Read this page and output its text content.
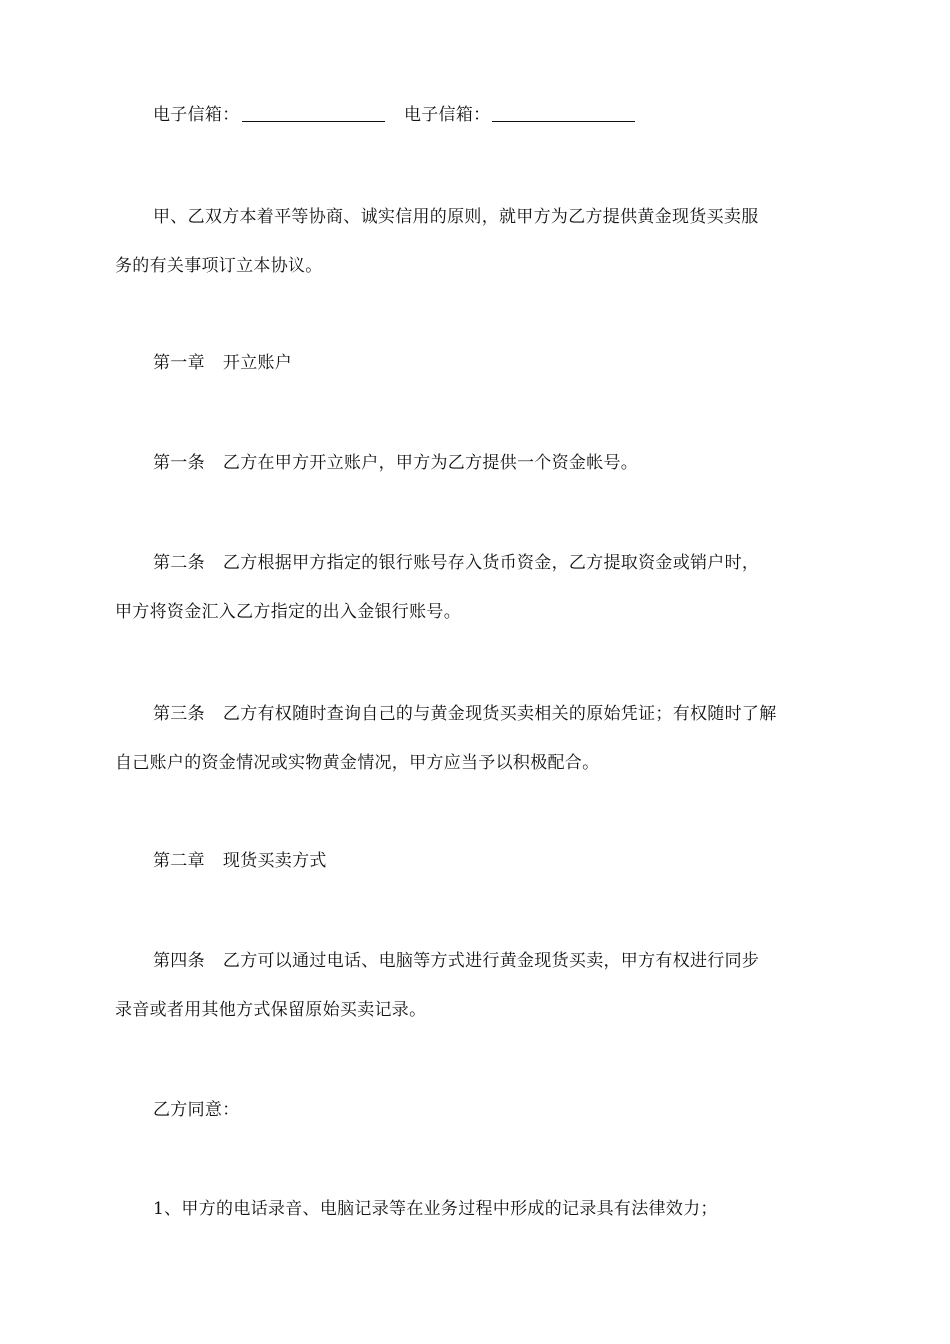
电子信箱：	电子信箱：
甲、乙双方本着平等协商、诚实信用的原则，就甲方为乙方提供黄金现货买卖服
务的有关事项订立本协议。
第一章 开立账户
第一条 乙方在甲方开立账户，甲方为乙方提供一个资金帐号。
第二条 乙方根据甲方指定的银行账号存入货币资金，乙方提取资金或销户时，
甲方将资金汇入乙方指定的出入金银行账号。
第三条 乙方有权随时查询自己的与黄金现货买卖相关的原始凭证；有权随时了解
自己账户的资金情况或实物黄金情况，甲方应当予以积极配合。
第二章 现货买卖方式
第四条 乙方可以通过电话、电脑等方式进行黄金现货买卖，甲方有权进行同步
录音或者用其他方式保留原始买卖记录。
乙方同意：
1、甲方的电话录音、电脑记录等在业务过程中形成的记录具有法律效力；
